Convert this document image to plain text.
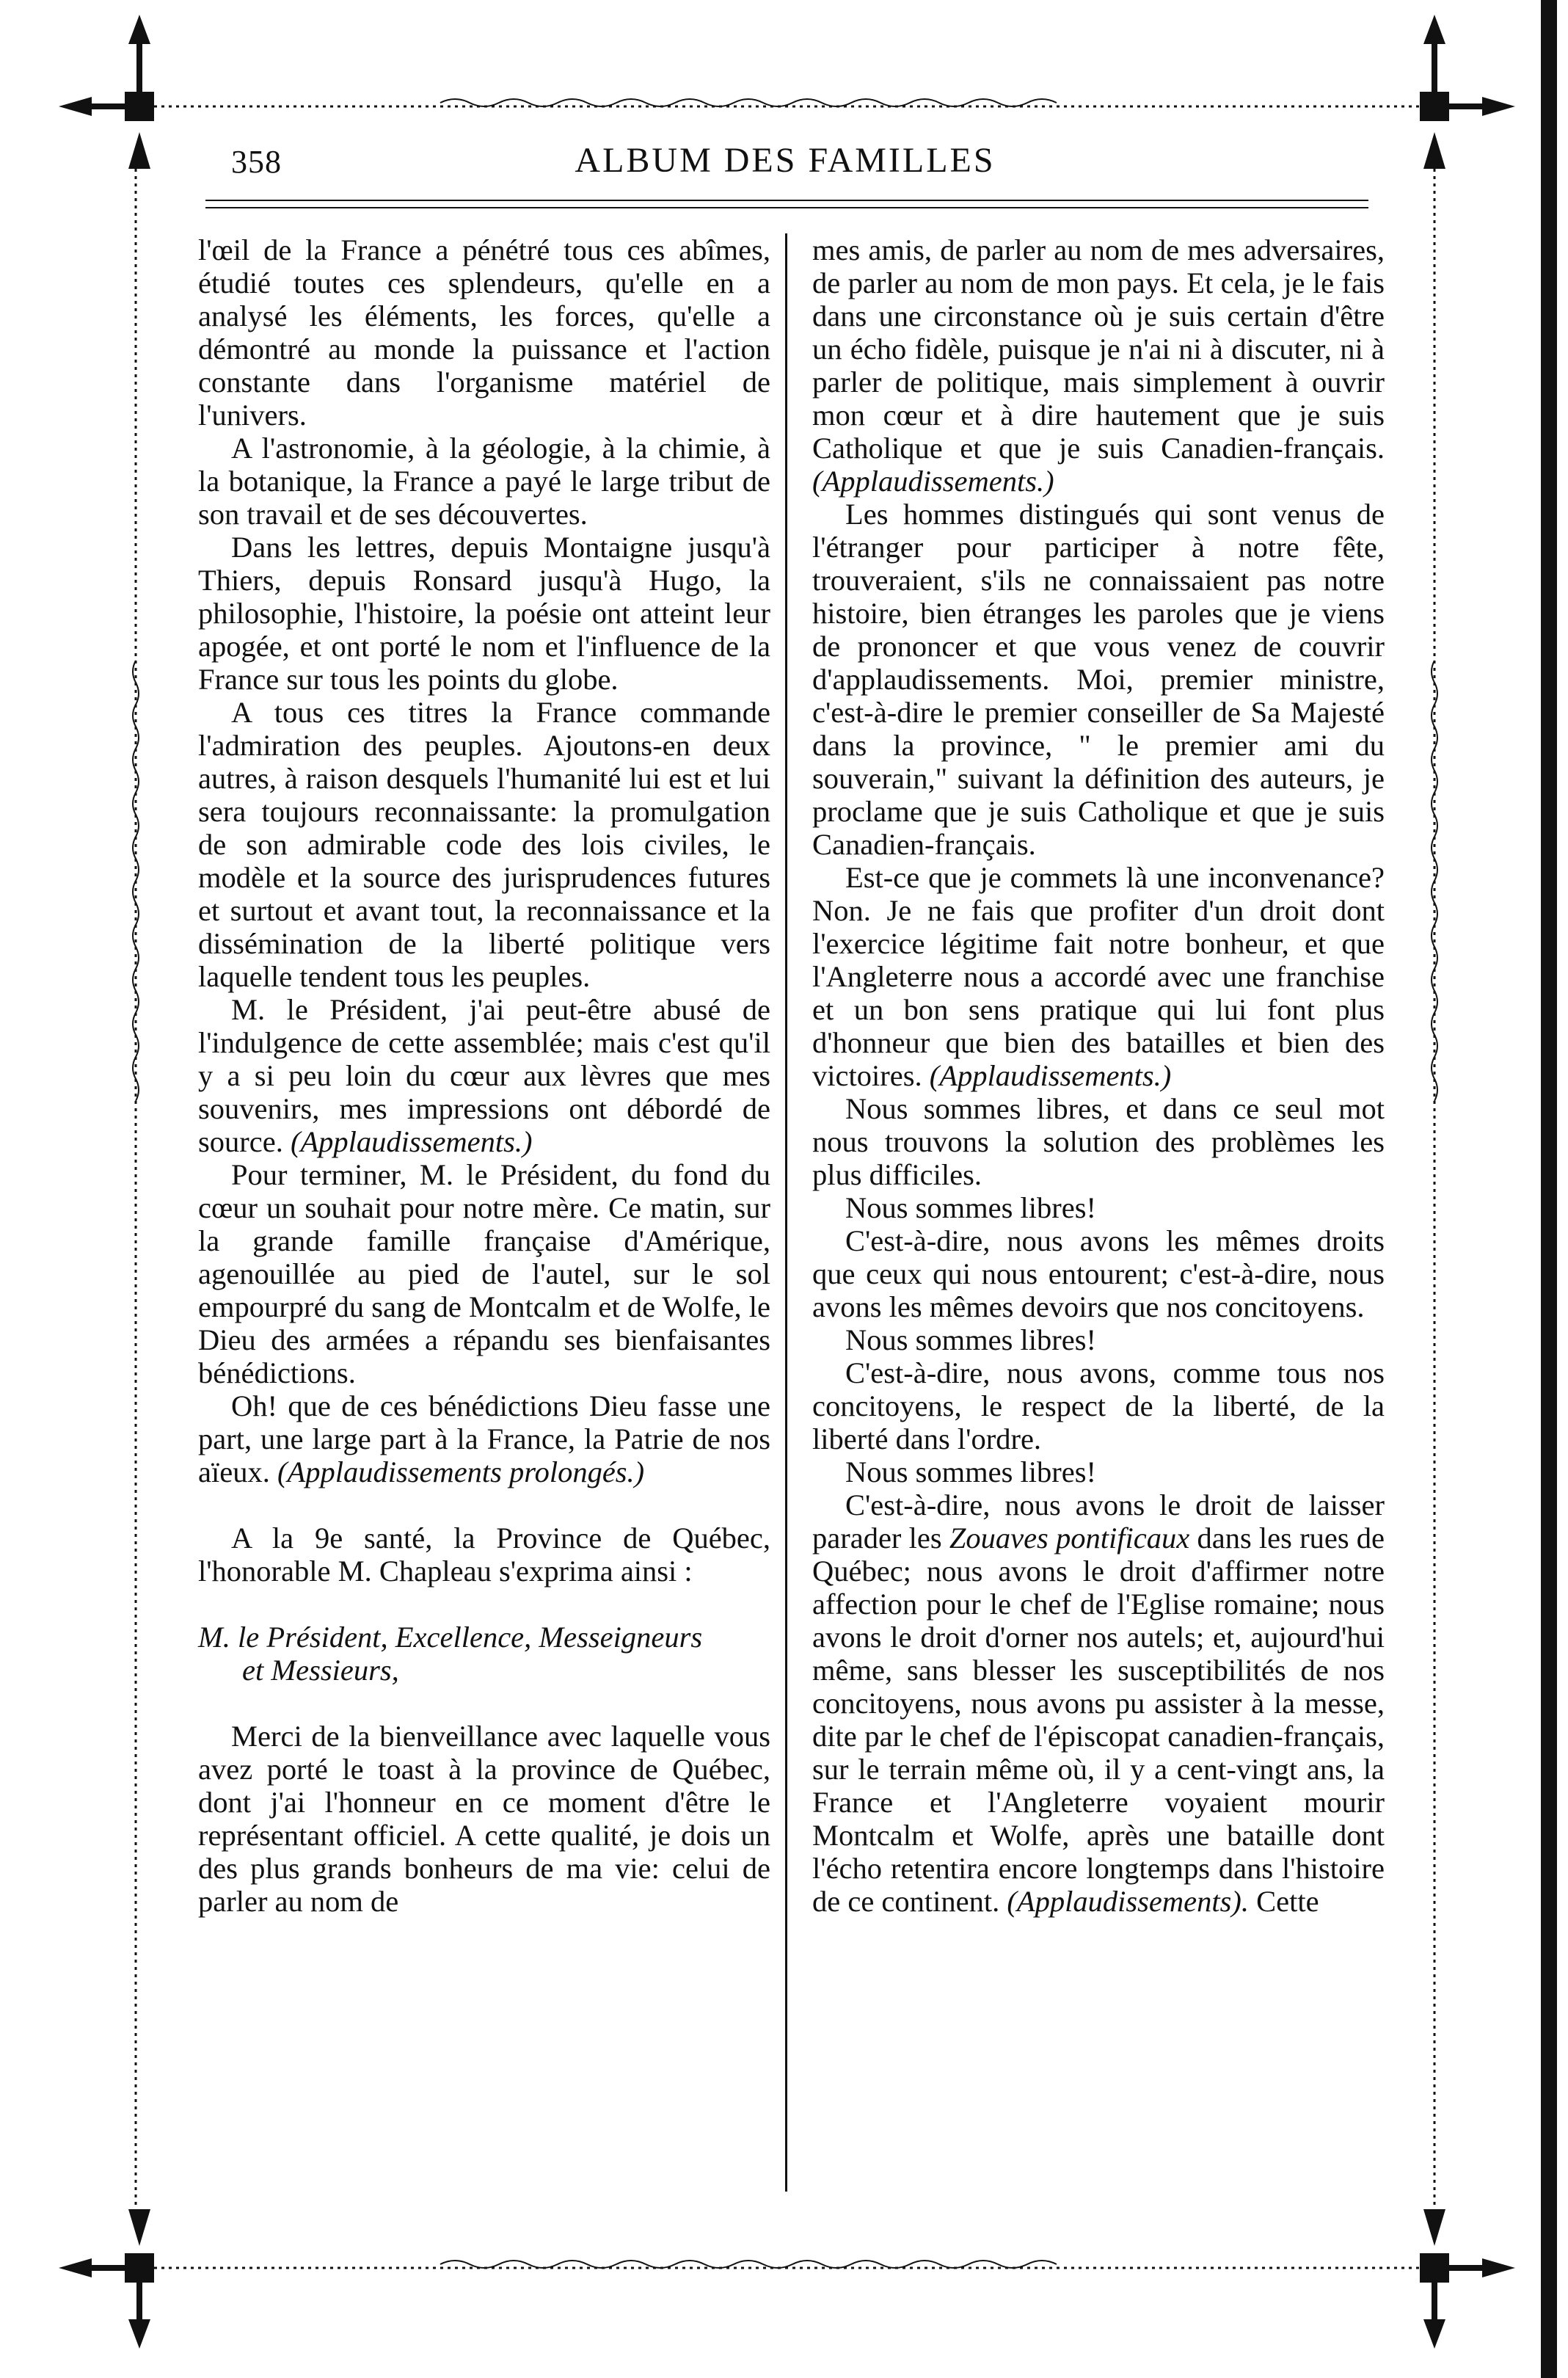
358	ALBUM DES FAMILLES

l'œil de la France a pénétré tous ces abîmes, étudié toutes ces splendeurs, qu'elle en a analysé les éléments, les forces, qu'elle a démontré au monde la puissance et l'action constante dans l'organisme matériel de l'univers.

A l'astronomie, à la géologie, à la chimie, à la botanique, la France a payé le large tribut de son travail et de ses découvertes.

Dans les lettres, depuis Montaigne jusqu'à Thiers, depuis Ronsard jusqu'à Hugo, la philosophie, l'histoire, la poésie ont atteint leur apogée, et ont porté le nom et l'influence de la France sur tous les points du globe.

A tous ces titres la France commande l'admiration des peuples. Ajoutons-en deux autres, à raison desquels l'humanité lui est et lui sera toujours reconnaissante: la promulgation de son admirable code des lois civiles, le modèle et la source des jurisprudences futures et surtout et avant tout, la reconnaissance et la dissémination de la liberté politique vers laquelle tendent tous les peuples.

M. le Président, j'ai peut-être abusé de l'indulgence de cette assemblée; mais c'est qu'il y a si peu loin du cœur aux lèvres que mes souvenirs, mes impressions ont débordé de source. (Applaudissements.)

Pour terminer, M. le Président, du fond du cœur un souhait pour notre mère. Ce matin, sur la grande famille française d'Amérique, agenouillée au pied de l'autel, sur le sol empourpré du sang de Montcalm et de Wolfe, le Dieu des armées a répandu ses bienfaisantes bénédictions.

Oh! que de ces bénédictions Dieu fasse une part, une large part à la France, la Patrie de nos aïeux. (Applaudissements prolongés.)

A la 9e santé, la Province de Québec, l'honorable M. Chapleau s'exprima ainsi :

M. le Président, Excellence, Messeigneurs
et Messieurs,

Merci de la bienveillance avec laquelle vous avez porté le toast à la province de Québec, dont j'ai l'honneur en ce moment d'être le représentant officiel. A cette qualité, je dois un des plus grands bonheurs de ma vie: celui de parler au nom de

mes amis, de parler au nom de mes adversaires, de parler au nom de mon pays. Et cela, je le fais dans une circonstance où je suis certain d'être un écho fidèle, puisque je n'ai ni à discuter, ni à parler de politique, mais simplement à ouvrir mon cœur et à dire hautement que je suis Catholique et que je suis Canadien-français. (Applaudissements.)

Les hommes distingués qui sont venus de l'étranger pour participer à notre fête, trouveraient, s'ils ne connaissaient pas notre histoire, bien étranges les paroles que je viens de prononcer et que vous venez de couvrir d'applaudissements. Moi, premier ministre, c'est-à-dire le premier conseiller de Sa Majesté dans la province, " le premier ami du souverain," suivant la définition des auteurs, je proclame que je suis Catholique et que je suis Canadien-français.

Est-ce que je commets là une inconvenance? Non. Je ne fais que profiter d'un droit dont l'exercice légitime fait notre bonheur, et que l'Angleterre nous a accordé avec une franchise et un bon sens pratique qui lui font plus d'honneur que bien des batailles et bien des victoires. (Applaudissements.)

Nous sommes libres, et dans ce seul mot nous trouvons la solution des problèmes les plus difficiles.

Nous sommes libres!

C'est-à-dire, nous avons les mêmes droits que ceux qui nous entourent; c'est-à-dire, nous avons les mêmes devoirs que nos concitoyens.

Nous sommes libres!

C'est-à-dire, nous avons, comme tous nos concitoyens, le respect de la liberté, de la liberté dans l'ordre.

Nous sommes libres!

C'est-à-dire, nous avons le droit de laisser parader les Zouaves pontificaux dans les rues de Québec; nous avons le droit d'affirmer notre affection pour le chef de l'Eglise romaine; nous avons le droit d'orner nos autels; et, aujourd'hui même, sans blesser les susceptibilités de nos concitoyens, nous avons pu assister à la messe, dite par le chef de l'épiscopat canadien-français, sur le terrain même où, il y a cent-vingt ans, la France et l'Angleterre voyaient mourir Montcalm et Wolfe, après une bataille dont l'écho retentira encore longtemps dans l'histoire de ce continent. (Applaudissements). Cette
